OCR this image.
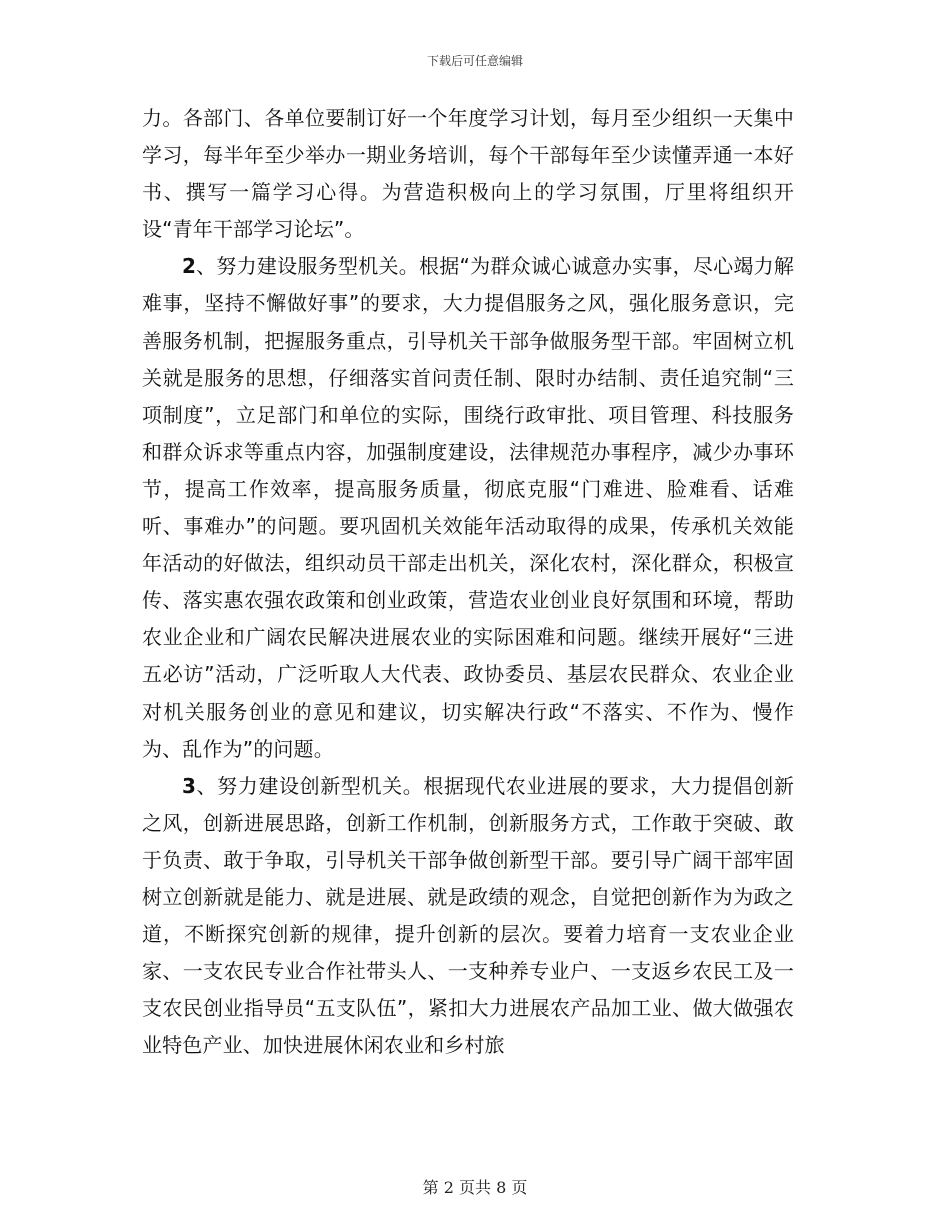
下载后可任意编辑

力。各部门、各单位要制订好一个年度学习计划，每月至少组织一天集中学习，每半年至少举办一期业务培训，每个干部每年至少读懂弄通一本好书、撰写一篇学习心得。为营造积极向上的学习氛围，厅里将组织开设“青年干部学习论坛”。

2、努力建设服务型机关。根据“为群众诚心诚意办实事，尽心竭力解难事，坚持不懈做好事”的要求，大力提倡服务之风，强化服务意识，完善服务机制，把握服务重点，引导机关干部争做服务型干部。牢固树立机关就是服务的思想，仔细落实首问责任制、限时办结制、责任追究制“三项制度”，立足部门和单位的实际，围绕行政审批、项目管理、科技服务和群众诉求等重点内容，加强制度建设，法律规范办事程序，减少办事环节，提高工作效率，提高服务质量，彻底克服“门难进、脸难看、话难听、事难办”的问题。要巩固机关效能年活动取得的成果，传承机关效能年活动的好做法，组织动员干部走出机关，深化农村，深化群众，积极宣传、落实惠农强农政策和创业政策，营造农业创业良好氛围和环境，帮助农业企业和广阔农民解决进展农业的实际困难和问题。继续开展好“三进五必访”活动，广泛听取人大代表、政协委员、基层农民群众、农业企业对机关服务创业的意见和建议，切实解决行政“不落实、不作为、慢作为、乱作为”的问题。

3、努力建设创新型机关。根据现代农业进展的要求，大力提倡创新之风，创新进展思路，创新工作机制，创新服务方式，工作敢于突破、敢于负责、敢于争取，引导机关干部争做创新型干部。要引导广阔干部牢固树立创新就是能力、就是进展、就是政绩的观念，自觉把创新作为为政之道，不断探究创新的规律，提升创新的层次。要着力培育一支农业企业家、一支农民专业合作社带头人、一支种养专业户、一支返乡农民工及一支农民创业指导员“五支队伍”，紧扣大力进展农产品加工业、做大做强农业特色产业、加快进展休闲农业和乡村旅

第 2 页共 8 页
